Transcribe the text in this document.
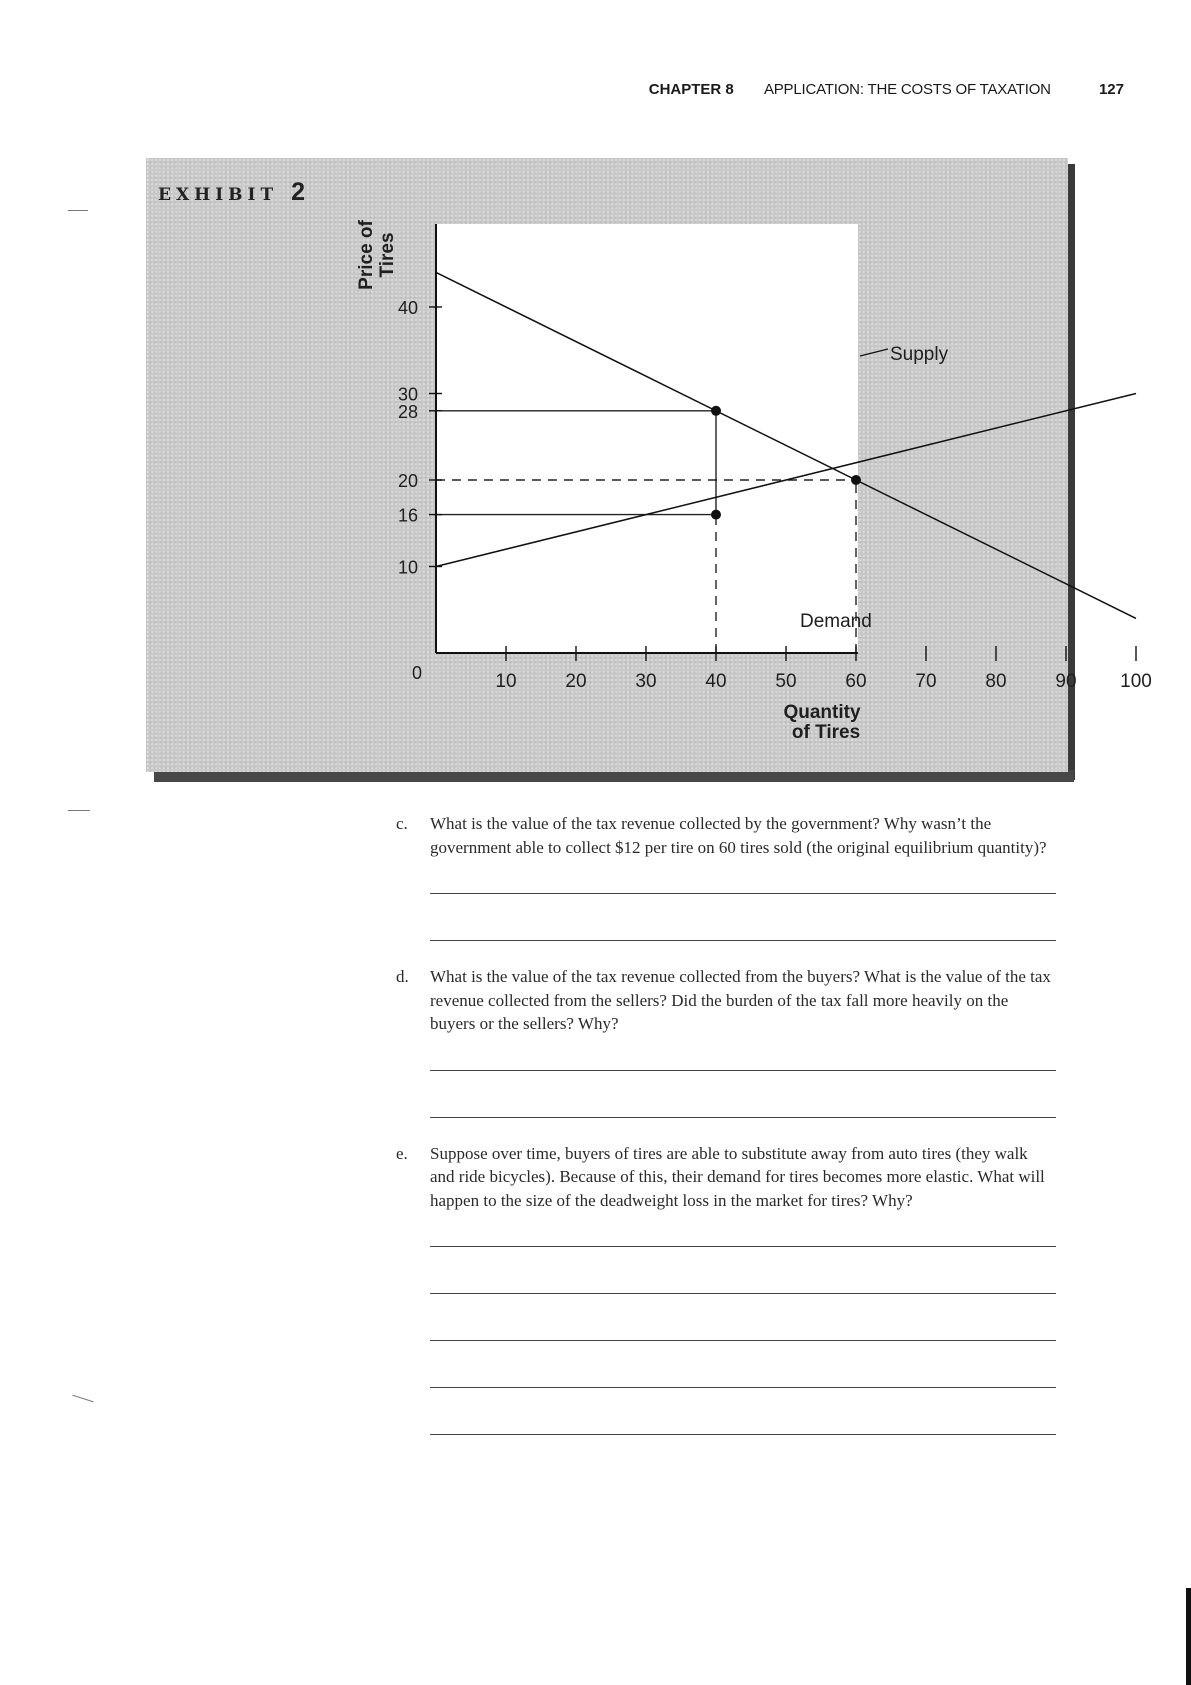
CHAPTER 8 APPLICATION: THE COSTS OF TAXATION	127
EXHIBIT 2
10
16
20
28
30
40
10	20	30	40	50	60	70	80	90 100
0
Supply
Demand
Price ofTires
Quantity of Tires
c. What is the value of the tax revenue collected by the government? Why wasn’t the government able to collect $12 per tire on 60 tires sold (the original equilibrium quantity)?
d. What is the value of the tax revenue collected from the buyers? What is the value of the tax revenue collected from the sellers? Did the burden of the tax fall more heavily on the buyers or the sellers? Why?
e. Suppose over time, buyers of tires are able to substitute away from auto tires (they walk and ride bicycles). Because of this, their demand for tires becomes more elastic. What will happen to the size of the deadweight loss in the market for tires? Why?
